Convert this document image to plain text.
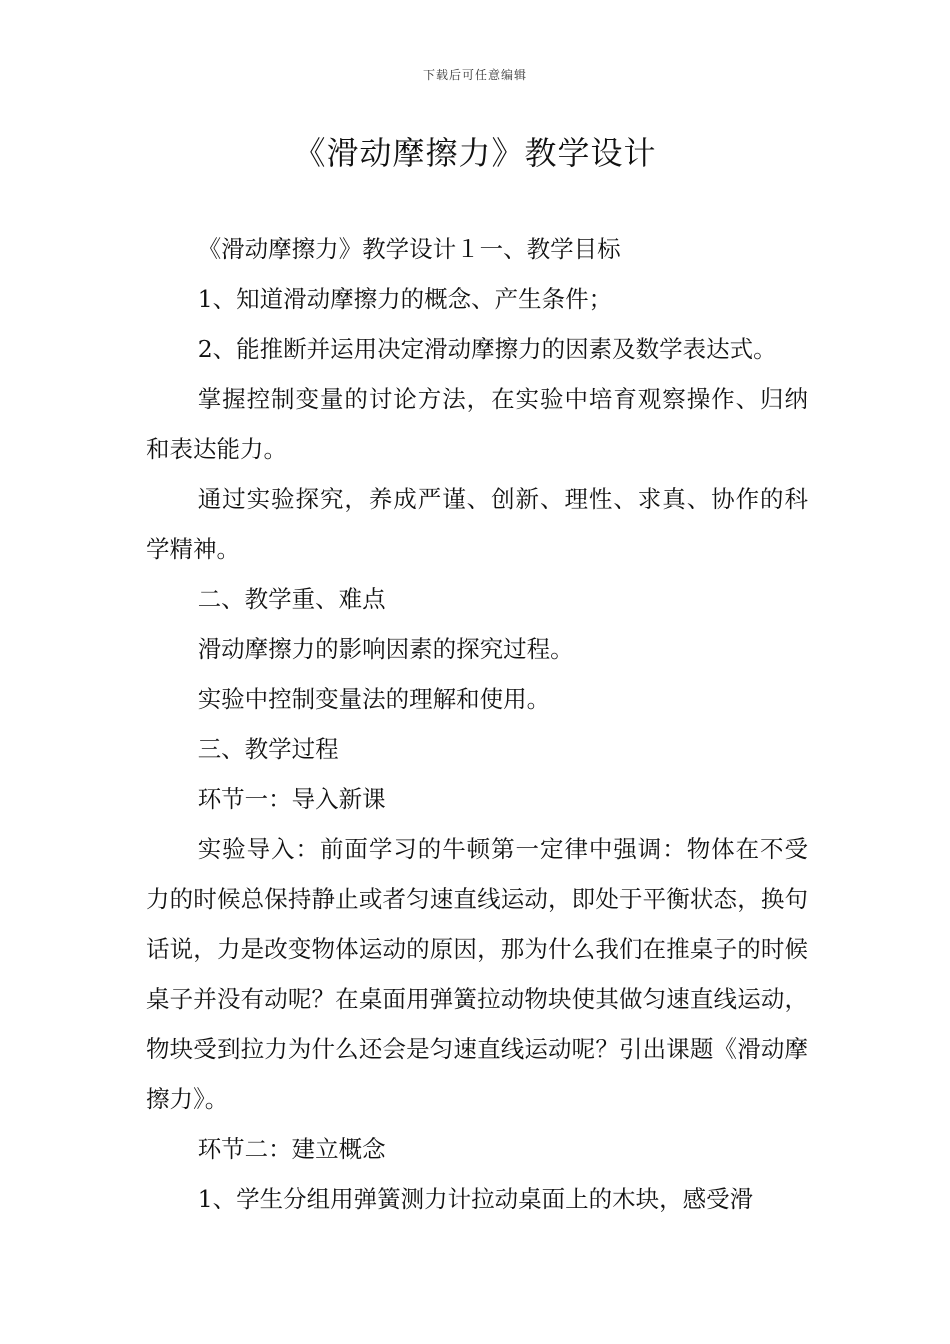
下载后可任意编辑
《滑动摩擦力》教学设计

《滑动摩擦力》教学设计１一、教学目标

1、知道滑动摩擦力的概念、产生条件；

2、能推断并运用决定滑动摩擦力的因素及数学表达式。

掌握控制变量的讨论方法，在实验中培育观察操作、归纳和表达能力。

通过实验探究，养成严谨、创新、理性、求真、协作的科学精神。

二、教学重、难点

滑动摩擦力的影响因素的探究过程。

实验中控制变量法的理解和使用。

三、教学过程

环节一：导入新课

实验导入：前面学习的牛顿第一定律中强调：物体在不受力的时候总保持静止或者匀速直线运动，即处于平衡状态，换句话说，力是改变物体运动的原因，那为什么我们在推桌子的时候桌子并没有动呢？在桌面用弹簧拉动物块使其做匀速直线运动，物块受到拉力为什么还会是匀速直线运动呢？引出课题《滑动摩擦力》。

环节二：建立概念

1、学生分组用弹簧测力计拉动桌面上的木块，感受滑
